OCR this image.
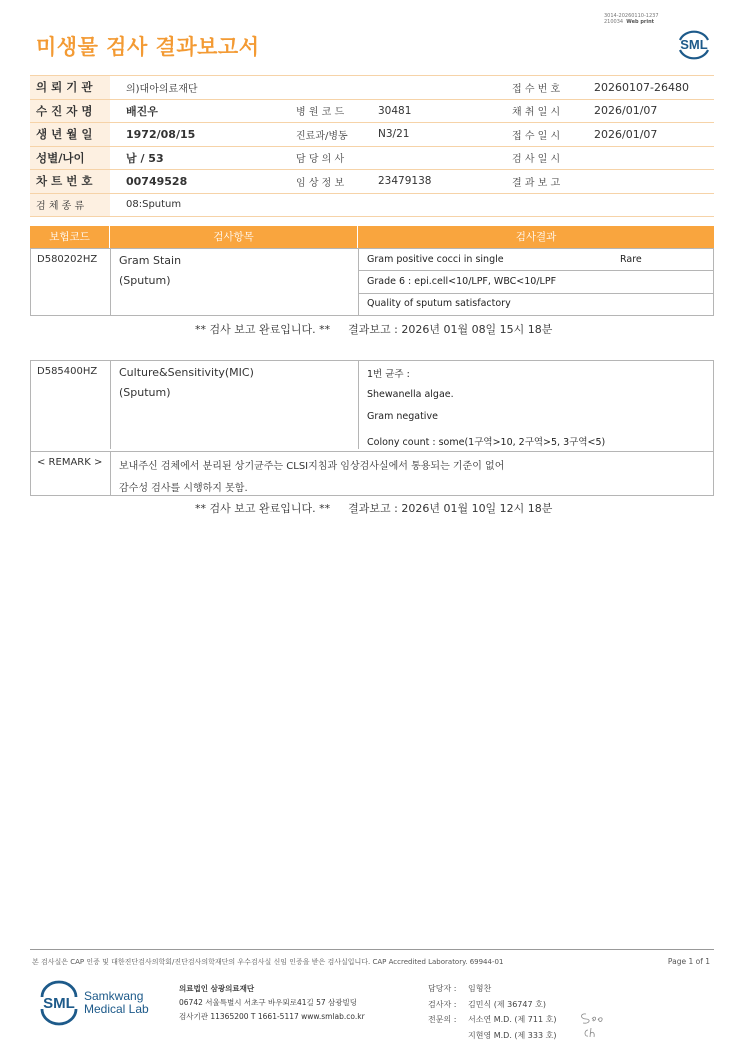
3014-20260110-1237
210034 Web print
미생물 검사 결과보고서	SML
의 뢰 기 관	의)대아의료재단			접 수 번 호	20260107-26480
수 진 자 명	배진우	병 원 코 드	30481	채 취 일 시	2026/01/07
생 년 월 일	1972/08/15	진료과/병동	N3/21	접 수 일 시	2026/01/07
성별/나이	남 / 53	담 당 의 사		검 사 일 시	
차 트 번 호	00749528	임 상 정 보	23479138	결 과 보 고	
검 체 종 류	08:Sputum				
보험코드	검사항목	검사결과
D580202HZ Gram Stain
(Sputum)
Gram positive cocci in single	Rare
Grade 6 : epi.cell<10/LPF, WBC<10/LPF
Quality of sputum satisfactory
** 검사 보고 완료입니다. ** 결과보고 : 2026년 01월 08일 15시 18분
D585400HZ Culture&Sensitivity(MIC)
(Sputum)
1번 균주 :
Shewanella algae.
Gram negative
Colony count : some(1구역>10, 2구역>5, 3구역<5)
< REMARK > 보내주신 검체에서 분리된 상기균주는 CLSI지침과 임상검사실에서 통용되는 기준이 없어
감수성 검사를 시행하지 못함.
** 검사 보고 완료입니다. ** 결과보고 : 2026년 01월 10일 12시 18분
본 검사실은 CAP 인증 및 대한진단검사의학회/진단검사의학재단의 우수검사실 신임 인증을 받은 검사실입니다. CAP Accredited Laboratory. 69944-01	Page 1 of 1
SML Samkwang
Medical Lab
의료법인 삼광의료재단
06742 서울특별시 서초구 바우뫼로41길 57 삼광빌딩
검사기관 11365200 T 1661-5117 www.smlab.co.kr
담당자 : 임형찬
검사자 : 김민식 (제 36747 호)
전문의 : 서소연 M.D. (제 711 호)
지현영 M.D. (제 333 호)
